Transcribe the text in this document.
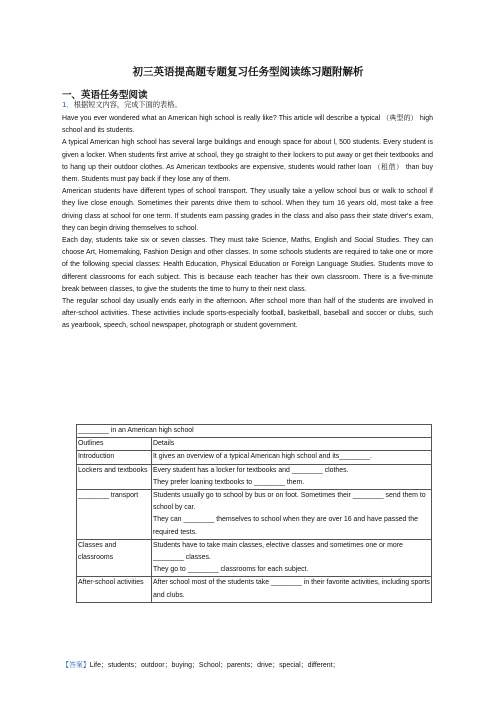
初三英语提高题专题复习任务型阅读练习题附解析
一、英语任务型阅读
1．根据短文内容，完成下面的表格。

Have you ever wondered what an American high school is really like? This article will describe a typical （典型的） high school and its students.

A typical American high school has several large buildings and enough space for about l, 500 students. Every student is given a locker. When students first arrive at school, they go straight to their lockers to put away or get their textbooks and to hang up their outdoor clothes. As American textbooks are expensive, students would rather loan （租借） than buy them. Students must pay back if they lose any of them.

American students have different types of school transport. They usually take a yellow school bus or walk to school if they live close enough. Sometimes their parents drive them to school. When they turn 16 years old, most take a free driving class at school for one term. If students earn passing grades in the class and also pass their state driver's exam, they can begin driving themselves to school.

Each day, students take six or seven classes. They must take Science, Maths, English and Social Studies. They can choose Art, Homemaking, Fashion Design and other classes. In some schools students are required to take one or more of the following special classes: Health Education, Physical Education or Foreign Language Studies. Students move to different classrooms for each subject. This is because each teacher has their own classroom. There is a five-minute break between classes, to give the students the time to hurry to their next class.

The regular school day usually ends early in the afternoon. After school more than half of the students are involved in after-school activities. These activities include sports-especially football, basketball, baseball and soccer or clubs, such as yearbook, speech, school newspaper, photograph or student government.

________ in an American high school	
Outlines	Details
Introduction	It gives an overview of a typical American high school and its________.

Lockers and textbooks	Every student has a locker for textbooks and ________ clothes.
They prefer loaning textbooks to ________ them.

________ transport	Students usually go to school by bus or on foot. Sometimes their ________ send them to school by car.
They can ________ themselves to school when they are over 16 and have passed the required tests.

Classes and classrooms	Students have to take main classes, elective classes and sometimes one or more ________ classes.
They go to ________ classrooms for each subject.

After-school activities	After school most of the students take ________ in their favorite activities, including sports and clubs.
【答案】Life；students；outdoor；buying；School；parents；drive；special；different；
